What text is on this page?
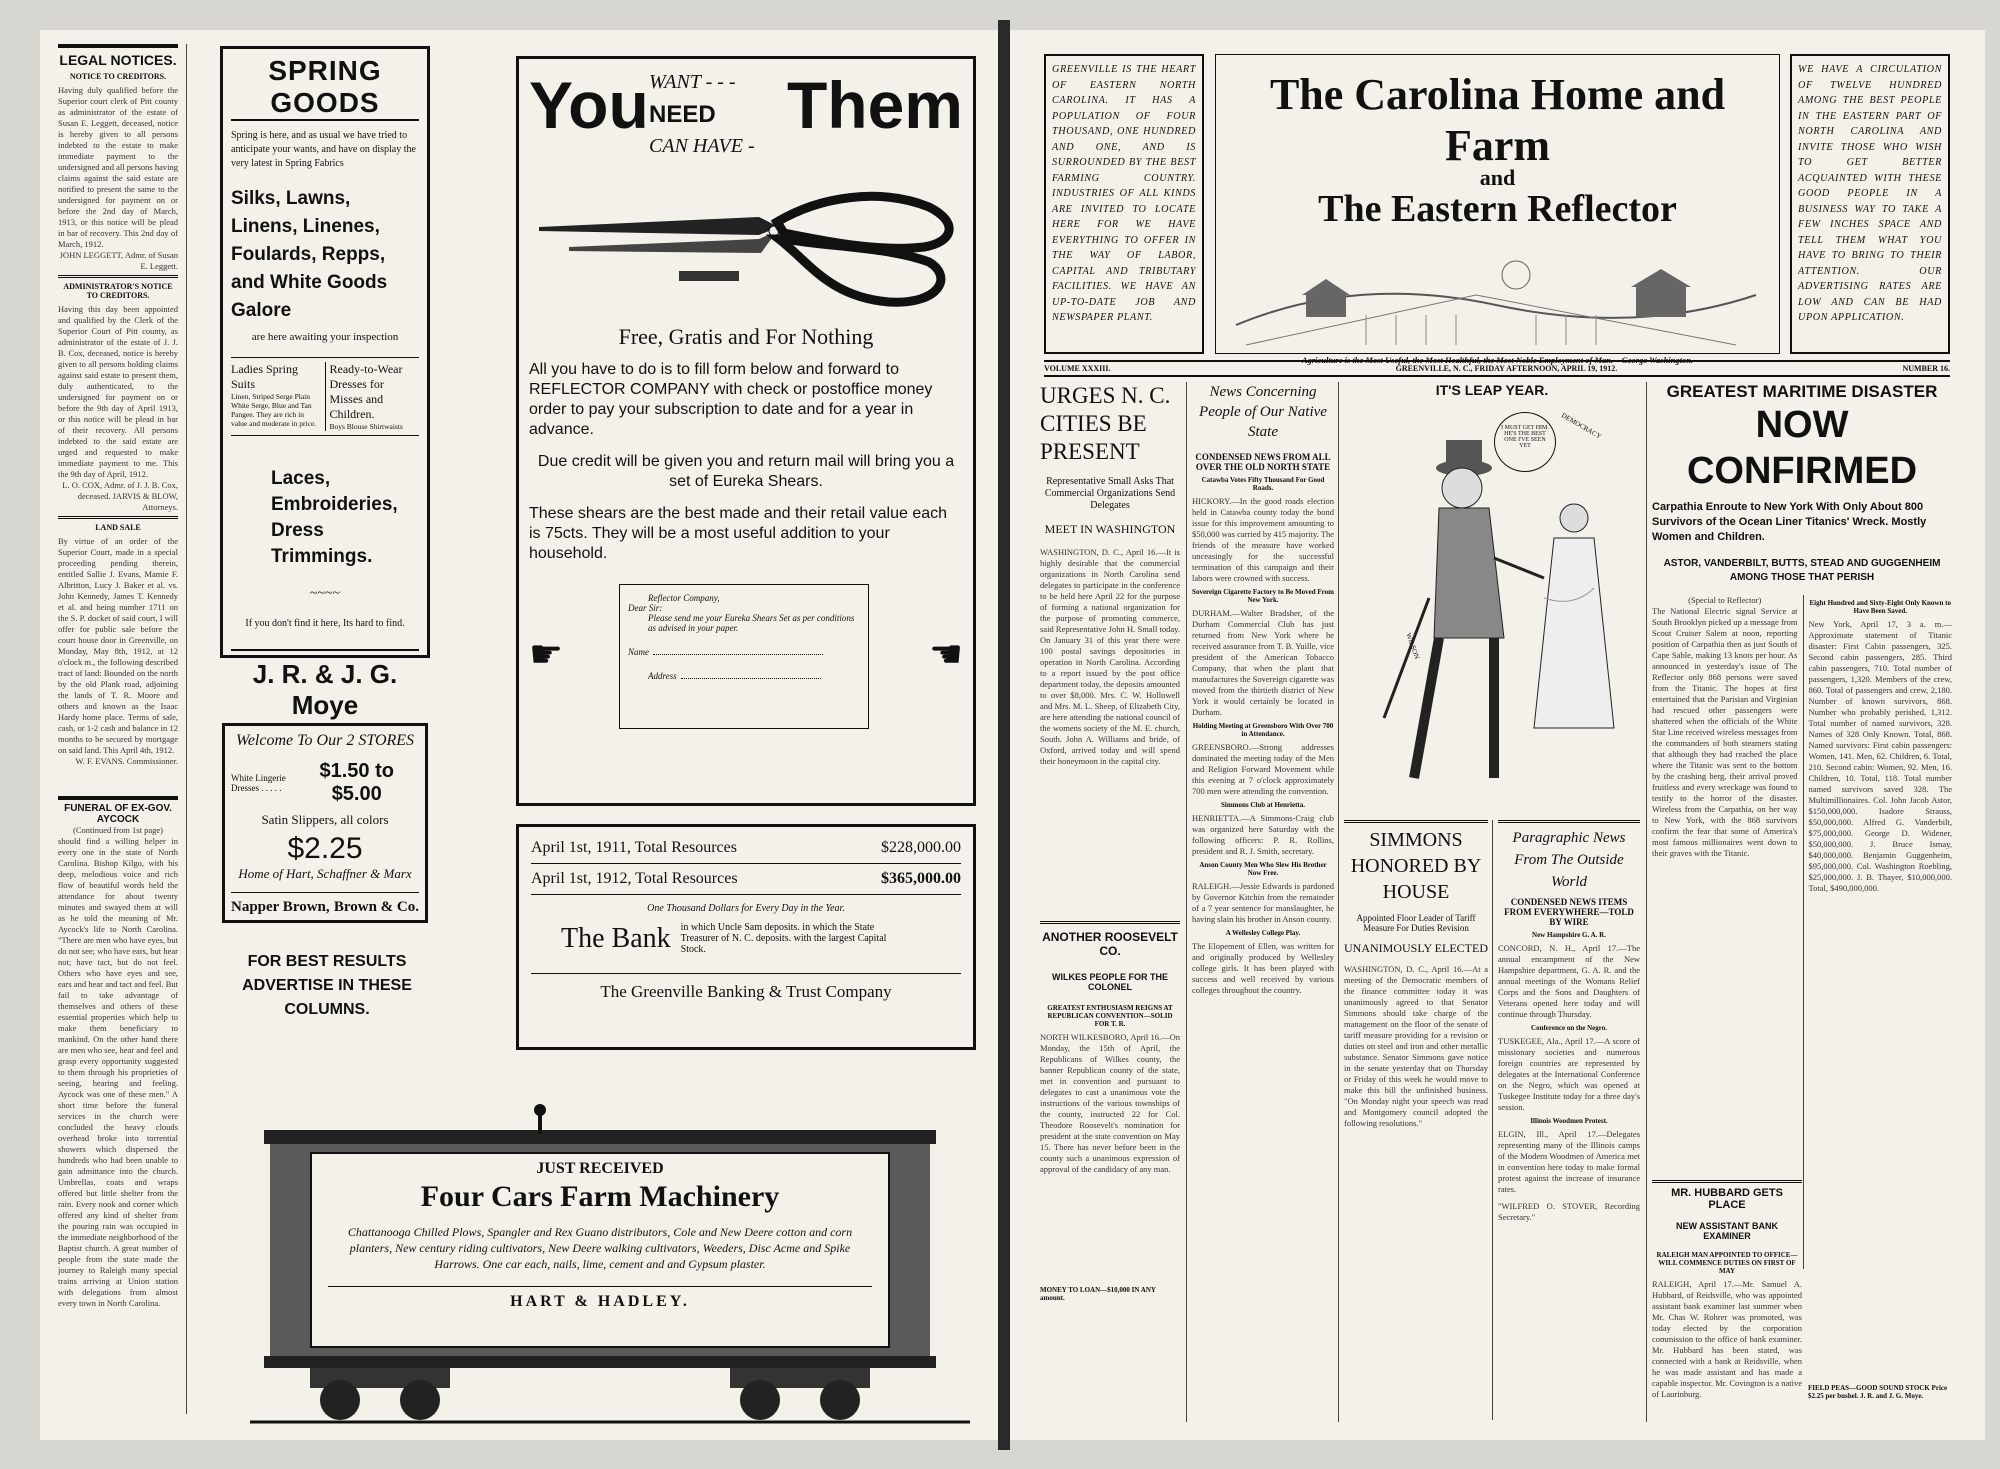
LEGAL NOTICES.
NOTICE TO CREDITORS.
Having duly qualified before the Superior court clerk of Pitt county as administrator of the estate of Susan E. Leggett, deceased, notice is hereby given to all persons indebted to the estate to make immediate payment to the undersigned and all persons having claims against the said estate are notified to present the same to the undersigned for payment on or before the 2nd day of March, 1913, or this notice will be plead in bar of recovery. This 2nd day of March, 1912.
JOHN LEGGETT, Admr. of Susan E. Leggett.
ADMINISTRATOR'S NOTICE TO CREDITORS.
Having this day been appointed and qualified by the Clerk of the Superior Court of Pitt county, as administrator of the estate of J. J. B. Cox, deceased, notice is hereby given to all persons holding claims against said estate to present them, duly authenticated, to the undersigned for payment on or before the 9th day of April 1913, or this notice will be plead in bar of their recovery. All persons indebted to the said estate are urged and requested to make immediate payment to me. This the 9th day of April, 1912.
L. O. COX, Admr. of J. J. B. Cox, deceased. JARVIS & BLOW, Attorneys.
LAND SALE
By virtue of an order of the Superior Court, made in a special proceeding pending therein, entitled Sallie J. Evans, Mamie F. Albritton, Lucy J. Baker et al. vs. John Kennedy, James T. Kennedy et al. and being number 1711 on the S. P. docket of said court, I will offer for public sale before the court house door in Greenville, on Monday, May 8th, 1912, at 12 o'clock m., the following described tract of land: Bounded on the north by the old Plank road, adjoining the lands of T. R. Moore and others and known as the Isaac Hardy home place. Terms of sale, cash, or 1-2 cash and balance in 12 months to be secured by mortgage on said land. This April 4th, 1912.
W. F. EVANS. Commissioner.
FUNERAL OF EX-GOV. AYCOCK
(Continued from 1st page)
should find a willing helper in every one in the state of North Carolina. Bishop Kilgo, with his deep, melodious voice and rich flow of beautiful words held the attendance for about twenty minutes and swayed them at will as he told the meaning of Mr. Aycock's life to North Carolina. "There are men who have eyes, but do not see; who have ears, but hear not; have tact, but do not feel. Others who have eyes and see, ears and hear and tact and feel. But fail to take advantage of themselves and others of these essential properties which help to make them beneficiary to mankind. On the other hand there are men who see, hear and feel and grasp every opportunity suggested to them through his proprieties of seeing, hearing and feeling. Aycock was one of these men." A short time before the funeral services in the church were concluded the heavy clouds overhead broke into torrential showers which dispersed the hundreds who had been unable to gain admittance into the church. Umbrellas, coats and wraps offered but little shelter from the rain. Every nook and corner which offered any kind of shelter from the pouring rain was occupied in the immediate neighborhood of the Baptist church. A great number of people from the state made the journey to Raleigh many special trains arriving at Union station with delegations from almost every town in North Carolina.
SPRING GOODS
Spring is here, and as usual we have tried to anticipate your wants, and have on display the very latest in Spring Fabrics
Silks, Lawns, Linens, Linenes, Foulards, Repps, and White Goods Galore
are here awaiting your inspection
Ladies Spring Suits
Linen, Striped Serge Plain White Serge, Blue and Tan Pangee. They are rich in value and moderate in price.
Ready-to-Wear Dresses for Misses and Children.
Boys Blouse Shirtwaists
Laces, Embroideries, Dress Trimmings.
~~~~
If you don't find it here, Its hard to find.
J. R. & J. G. Moye
Welcome To Our 2 STORES
White Lingerie Dresses . . . . .
$1.50 to $5.00
Satin Slippers, all colors
$2.25
Home of Hart, Schaffner & Marx
Napper Brown, Brown & Co.
FOR BEST RESULTS ADVERTISE IN THESE COLUMNS.
You WANT - - -
NEED
CAN HAVE -
Them
Free, Gratis and For Nothing
All you have to do is to fill form below and forward to REFLECTOR COMPANY with check or postoffice money order to pay your subscription to date and for a year in advance.
Due credit will be given you and return mail will bring you a set of Eureka Shears.
These shears are the best made and their retail value each is 75cts. They will be a most useful addition to your household.
☛	☛
Reflector Company,
Dear Sir:
Please send me your Eureka Shears Set as per conditions as advised in your paper.
Name
Address
April 1st, 1911, Total Resources	$228,000.00
April 1st, 1912, Total Resources	$365,000.00
One Thousand Dollars for Every Day in the Year.
The Bank in which Uncle Sam deposits. in which the State Treasurer of N. C. deposits. with the largest Capital Stock.
The Greenville Banking & Trust Company
JUST RECEIVED
Four Cars Farm Machinery
Chattanooga Chilled Plows, Spangler and Rex Guano distributors, Cole and New Deere cotton and corn planters, New century riding cultivators, New Deere walking cultivators, Weeders, Disc Acme and Spike Harrows. One car each, nails, lime, cement and and Gypsum plaster.
HART & HADLEY.
GREENVILLE IS THE HEART OF EASTERN NORTH CAROLINA. IT HAS A POPULATION OF FOUR THOUSAND, ONE HUNDRED AND ONE, AND IS SURROUNDED BY THE BEST FARMING COUNTRY. INDUSTRIES OF ALL KINDS ARE INVITED TO LOCATE HERE FOR WE HAVE EVERYTHING TO OFFER IN THE WAY OF LABOR, CAPITAL AND TRIBUTARY FACILITIES. WE HAVE AN UP-TO-DATE JOB AND NEWSPAPER PLANT.
The Carolina Home and Farm
and
The Eastern Reflector
Agriculture is the Most Useful, the Most Healthful, the Most Noble Employment of Man.—George Washington.
WE HAVE A CIRCULATION OF TWELVE HUNDRED AMONG THE BEST PEOPLE IN THE EASTERN PART OF NORTH CAROLINA AND INVITE THOSE WHO WISH TO GET BETTER ACQUAINTED WITH THESE GOOD PEOPLE IN A BUSINESS WAY TO TAKE A FEW INCHES SPACE AND TELL THEM WHAT YOU HAVE TO BRING TO THEIR ATTENTION. OUR ADVERTISING RATES ARE LOW AND CAN BE HAD UPON APPLICATION.
VOLUME XXXIII.	GREENVILLE, N. C., FRIDAY AFTERNOON, APRIL 19, 1912.	NUMBER 16.
URGES N. C. CITIES BE PRESENT
Representative Small Asks That Commercial Organizations Send Delegates
MEET IN WASHINGTON
WASHINGTON, D. C., April 16.—It is highly desirable that the commercial organizations in North Carolina send delegates to participate in the conference to be held here April 22 for the purpose of forming a national organization for the purpose of promoting commerce, said Representative John H. Small today. On January 31 of this year there were 100 postal savings depositories in operation in North Carolina. According to a report issued by the post office department today, the deposits amounted to over $8,000. Mrs. C. W. Hollowell and Mrs. M. L. Sheep, of Elizabeth City, are here attending the national council of the womens society of the M. E. church, South. John A. Williams and bride, of Oxford, arrived today and will spend their honeymoon in the capital city.
ANOTHER ROOSEVELT CO.
WILKES PEOPLE FOR THE COLONEL
GREATEST ENTHUSIASM REIGNS AT REPUBLICAN CONVENTION—SOLID FOR T. R.
NORTH WILKESBORO, April 16.—On Monday, the 15th of April, the Republicans of Wilkes county, the banner Republican county of the state, met in convention and pursuant to delegates to cast a unanimous vote the instructions of the various townships of the county, instructed 22 for Col. Theodore Roosevelt's nomination for president at the state convention on May 15. There has never before been in the county such a unanimous expression of approval of the candidacy of any man.
MONEY TO LOAN—$10,000 IN ANY amount.
News Concerning People of Our Native State
CONDENSED NEWS FROM ALL OVER THE OLD NORTH STATE
Catawba Votes Fifty Thousand For Good Roads.
HICKORY.—In the good roads election held in Catawba county today the bond issue for this improvement amounting to $50,000 was carried by 415 majority. The friends of the measure have worked unceasingly for the successful termination of this campaign and their labors were crowned with success.
Sovereign Cigarette Factory to Be Moved From New York.
DURHAM.—Walter Bradsher, of the Durham Commercial Club has just returned from New York where he received assurance from T. B. Yuille, vice president of the American Tobacco Company, that when the plant that manufactures the Sovereign cigarette was moved from the thirtieth district of New York it would certainly be located in Durham.
Holding Meeting at Greensboro With Over 700 in Attendance.
GREENSBORO.—Strong addresses dominated the meeting today of the Men and Religion Forward Movement while this evening at 7 o'clock approximately 700 men were attending the convention.
Simmons Club at Henrietta.
HENRIETTA.—A Simmons-Craig club was organized here Saturday with the following officers: P. R. Rollins, president and R. J. Smith, secretary.
Anson County Men Who Slew His Brother Now Free.
RALEIGH.—Jessie Edwards is pardoned by Governor Kitchin from the remainder of a 7 year sentence for manslaughter, he having slain his brother in Anson county.
A Wellesley College Play.
The Elopement of Ellen, was written for and originally produced by Wellesley college girls. It has been played with success and well received by various colleges throughout the country.
IT'S LEAP YEAR.
I MUST GET HIM. HE'S THE BEST ONE I'VE SEEN YET
WILSON
DEMOCRACY
SIMMONS HONORED BY HOUSE
Appointed Floor Leader of Tariff Measure For Duties Revision
UNANIMOUSLY ELECTED
WASHINGTON, D. C., April 16.—At a meeting of the Democratic members of the finance committee today it was unanimously agreed to that Senator Simmons should take charge of the management on the floor of the senate of tariff measure providing for a revision or duties on steel and iron and other metallic substance. Senator Simmons gave notice in the senate yesterday that on Thursday or Friday of this week he would move to make this bill the unfinished business. "On Monday night your speech was read and Montgomery council adopted the following resolutions."
Paragraphic News From The Outside World
CONDENSED NEWS ITEMS FROM EVERYWHERE—TOLD BY WIRE
New Hampshire G. A. R.
CONCORD, N. H., April 17.—The annual encampment of the New Hampshire department, G. A. R. and the annual meetings of the Womans Relief Corps and the Sons and Daughters of Veterans opened here today and will continue through Thursday.
Conference on the Negro.
TUSKEGEE, Ala., April 17.—A score of missionary societies and numerous foreign countries are represented by delegates at the International Conference on the Negro, which was opened at Tuskegee Institute today for a three day's session.
Illinois Woodmen Protest.
ELGIN, Ill., April 17.—Delegates representing many of the Illinois camps of the Modern Woodmen of America met in convention here today to make formal protest against the increase of insurance rates.
"WILFRED O. STOVER, Recording Secretary."
GREATEST MARITIME DISASTER
NOW CONFIRMED
Carpathia Enroute to New York With Only About 800 Survivors of the Ocean Liner Titanics' Wreck. Mostly Women and Children.
ASTOR, VANDERBILT, BUTTS, STEAD AND GUGGENHEIM AMONG THOSE THAT PERISH
(Special to Reflector)
The National Electric signal Service at South Brooklyn picked up a message from Scout Cruiser Salem at noon, reporting position of Carpathia then as just South of Cape Sable, making 13 knots per hour. As announced in yesterday's issue of The Reflector only 868 persons were saved from the Titanic. The hopes at first entertained that the Parisian and Virginian had rescued other passengers were shattered when the officials of the White Star Line received wireless messages from the commanders of both steamers stating that although they had reached the place where the Titanic was sent to the bottom by the crashing berg, their arrival proved fruitless and every wreckage was found to testify to the horror of the disaster. Wireless from the Carpathia, on her way to New York, with the 868 survivors confirm the fear that some of America's most famous millionaires went down to their graves with the Titanic.
Eight Hundred and Sixty-Eight Only Known to Have Been Saved.
New York, April 17, 3 a. m.—Approximate statement of Titanic disaster: First Cabin passengers, 325. Second cabin passengers, 285. Third cabin passengers, 710. Total number of passengers, 1,320. Members of the crew, 860. Total of passengers and crew, 2,180. Number of known survivors, 868. Number who probably perished, 1,312. Total number of named survivors, 328. Names of 328 Only Known. Total, 868. Named survivors: First cabin passengers: Women, 141. Men, 62. Children, 6. Total, 210. Second cabin: Women, 92. Men, 16. Children, 10. Total, 118. Total number named survivors saved 328. The Multimillionaires. Col. John Jacob Astor, $150,000,000. Isadore Strauss, $50,000,000. Alfred G. Vanderbilt, $75,000,000. George D. Widener, $50,000,000. J. Bruce Ismay, $40,000,000. Benjamin Guggenheim, $95,000,000. Col. Washington Roebling, $25,000,000. J. B. Thayer, $10,000,000. Total, $490,000,000.
MR. HUBBARD GETS PLACE
NEW ASSISTANT BANK EXAMINER
RALEIGH MAN APPOINTED TO OFFICE—WILL COMMENCE DUTIES ON FIRST OF MAY
RALEIGH, April 17.—Mr. Samuel A. Hubbard, of Reidsville, who was appointed assistant bank examiner last summer when Mr. Chas W. Rohrer was promoted, was today elected by the corporation commission to the office of bank examiner. Mr. Hubbard has been stated, was connected with a bank at Reidsville, when he was made assistant and has made a capable inspector. Mr. Covington is a native of Laurinburg.
FIELD PEAS—GOOD SOUND STOCK Price $2.25 per bushel. J. R. and J. G. Moye.
